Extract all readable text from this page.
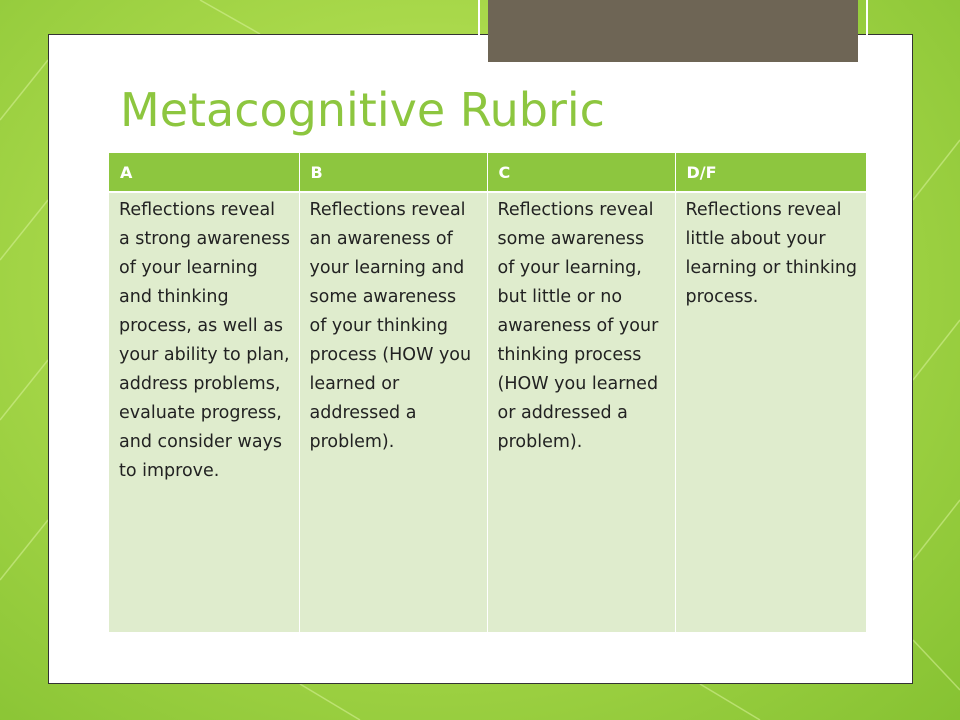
Metacognitive Rubric
A	B	C	D/F
Reflections reveal a strong awareness of your learning and thinking process, as well as your ability to plan, address problems, evaluate progress, and consider ways to improve.	Reflections reveal an awareness of your learning and some awareness of your thinking process (HOW you learned or addressed a problem).	Reflections reveal some awareness of your learning, but little or no awareness of your thinking process (HOW you learned or addressed a problem).	Reflections reveal little about your learning or thinking process.
